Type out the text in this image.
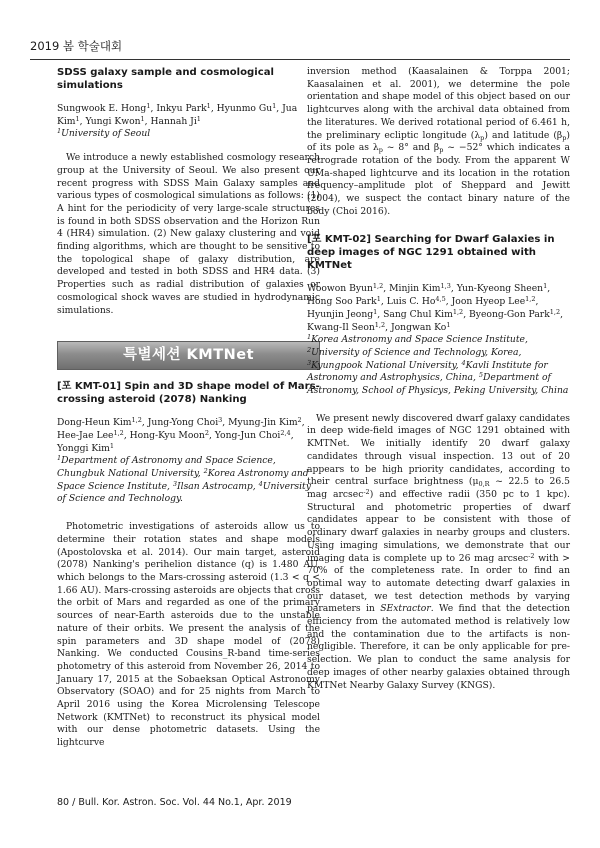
2019 봄 학술대회

SDSS galaxy sample and cosmological simulations

Sungwook E. Hong$^1$, Inkyu Park$^1$, Hyunmo Gu$^1$, Jua Kim$^1$, Yungi Kwon$^1$, Hannah Ji$^1$

$^1$University of Seoul

We introduce a newly established cosmology research group at the University of Seoul. We also present our recent progress with SDSS Main Galaxy samples and various types of cosmological simulations as follows: (1) A hint for the periodicity of very large-scale structures is found in both SDSS observation and the Horizon Run 4 (HR4) simulation. (2) New galaxy clustering and void finding algorithms, which are thought to be sensitive to the topological shape of galaxy distribution, are developed and tested in both SDSS and HR4 data. (3) Properties such as radial distribution of galaxies or cosmological shock waves are studied in hydrodynamic simulations.

특별세션 KMTNet

[포 KMT-01] Spin and 3D shape model of Mars-crossing asteroid (2078) Nanking

Dong-Heun Kim$^{1,2}$, Jung-Yong Choi$^3$, Myung-Jin Kim$^2$, Hee-Jae Lee$^{1,2}$, Hong-Kyu Moon$^2$, Yong-Jun Choi$^{2,4}$, Yonggi Kim$^1$

$^1$Department of Astronomy and Space Science, Chungbuk National University, $^2$Korea Astronomy and Space Science Institute, $^3$Ilsan Astrocamp, $^4$University of Science and Technology.

Photometric investigations of asteroids allow us to determine their rotation states and shape models (Apostolovska et al. 2014). Our main target, asteroid (2078) Nanking's perihelion distance (q) is 1.480 AU, which belongs to the Mars-crossing asteroid (1.3 < q < 1.66 AU). Mars-crossing asteroids are objects that cross the orbit of Mars and regarded as one of the primary sources of near-Earth asteroids due to the unstable nature of their orbits. We present the analysis of the spin parameters and 3D shape model of (2078) Nanking. We conducted Cousins_R-band time-series photometry of this asteroid from November 26, 2014 to January 17, 2015 at the Sobaeksan Optical Astronomy Observatory (SOAO) and for 25 nights from March to April 2016 using the Korea Microlensing Telescope Network (KMTNet) to reconstruct its physical model with our dense photometric datasets. Using the lightcurve

inversion method (Kaasalainen & Torppa 2001; Kaasalainen et al. 2001), we determine the pole orientation and shape model of this object based on our lightcurves along with the archival data obtained from the literatures. We derived rotational period of 6.461 h, the preliminary ecliptic longitude $(\lambda_p)$ and latitude $(\beta_p)$ of its pole as $\lambda_p$ ~ 8° and $\beta_p$ ~ −52° which indicates a retrograde rotation of the body. From the apparent W UMa-shaped lightcurve and its location in the rotation frequency–amplitude plot of Sheppard and Jewitt (2004), we suspect the contact binary nature of the body (Choi 2016).

[포 KMT-02] Searching for Dwarf Galaxies in deep images of NGC 1291 obtained with KMTNet

Woowon Byun$^{1,2}$, Minjin Kim$^{1,3}$, Yun-Kyeong Sheen$^1$, Hong Soo Park$^1$, Luis C. Ho$^{4,5}$, Joon Hyeop Lee$^{1,2}$, Hyunjin Jeong$^1$, Sang Chul Kim$^{1,2}$, Byeong-Gon Park$^{1,2}$, Kwang-Il Seon$^{1,2}$, Jongwan Ko$^1$

$^1$Korea Astronomy and Space Science Institute, $^2$University of Science and Technology, Korea, $^3$Kyungpook National University, $^4$Kavli Institute for Astronomy and Astrophysics, China, $^5$Department of Astronomy, School of Physicys, Peking University, China

We present newly discovered dwarf galaxy candidates in deep wide-field images of NGC 1291 obtained with KMTNet. We initially identify 20 dwarf galaxy candidates through visual inspection. 13 out of 20 appears to be high priority candidates, according to their central surface brightness ($\mu_{0,R}$ ~ 22.5 to 26.5 mag arcsec$^{-2}$) and effective radii (350 pc to 1 kpc). Structural and photometric properties of dwarf candidates appear to be consistent with those of ordinary dwarf galaxies in nearby groups and clusters. Using imaging simulations, we demonstrate that our imaging data is complete up to 26 mag arcsec$^{-2}$ with > 70% of the completeness rate. In order to find an optimal way to automate detecting dwarf galaxies in our dataset, we test detection methods by varying parameters in SExtractor. We find that the detection efficiency from the automated method is relatively low and the contamination due to the artifacts is non-negligible. Therefore, it can be only applicable for pre-selection. We plan to conduct the same analysis for deep images of other nearby galaxies obtained through KMTNet Nearby Galaxy Survey (KNGS).

80 / Bull. Kor. Astron. Soc. Vol. 44 No.1, Apr. 2019
